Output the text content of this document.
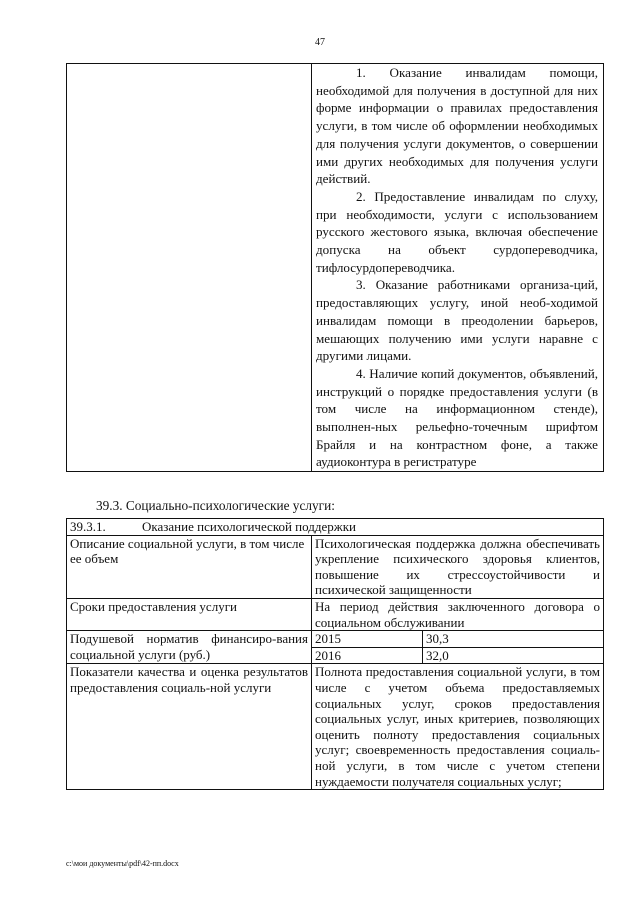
47

1. Оказание инвалидам помощи, необходимой для получения в доступной для них форме информации о правилах предоставления услуги, в том числе об оформлении необходимых для получения услуги документов, о совершении ими других необходимых для получения услуги действий.

2. Предоставление инвалидам по слуху, при необходимости, услуги с использованием русского жестового языка, включая обеспечение допуска на объект сурдопереводчика, тифлосурдопереводчика.

3. Оказание работниками организа-ций, предоставляющих услугу, иной необ-ходимой инвалидам помощи в преодолении барьеров, мешающих получению ими услуги наравне с другими лицами.

4. Наличие копий документов, объявлений, инструкций о порядке предоставления услуги (в том числе на информационном стенде), выполнен-ных рельефно-точечным шрифтом Брайля и на контрастном фоне, а также аудиоконтура в регистратуре

39.3. Социально-психологические услуги:
39.3.1. Оказание психологической поддержки		
Описание социальной услуги, в том числе ее объем	Психологическая поддержка должна обеспечивать укрепление психического здоровья клиентов, повышение их стрессоустойчивости и психической защищенности	
Сроки предоставления услуги	На период действия заключенного договора о социальном обслуживании	
Подушевой норматив финансиро-вания социальной услуги (руб.)	2015	30,3
	2016	32,0
Показатели качества и оценка результатов предоставления социаль-ной услуги	Полнота предоставления социальной услуги, в том числе с учетом объема предоставляемых социальных услуг, сроков предоставления социальных услуг, иных критериев, позволяющих оценить полноту предоставления социальных услуг; своевременность предоставления социаль-ной услуги, в том числе с учетом степени нуждаемости получателя социальных услуг;	
c:\мои документы\pdf\42-пп.docx
